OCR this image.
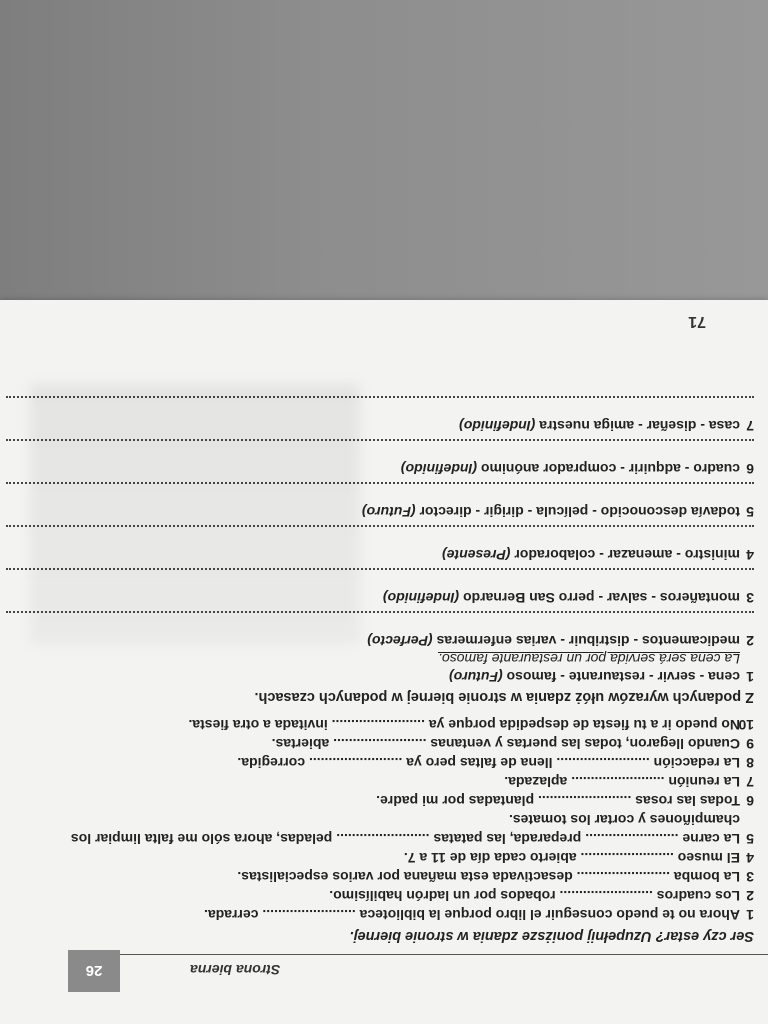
Strona bierna
26
Ser czy estar? Uzupełnij poniższe zdania w stronie biernej.
1
Ahora no te puedo conseguir el libro porque la biblioteca ........................ cerrada.
2
Los cuadros ........................ robados por un ladrón habilísimo.
3
La bomba ........................ desactivada esta mañana por varios especialistas.
4
El museo ........................ abierto cada día de 11 a 7.
5
La carne ........................ preparada, las patatas ........................ peladas, ahora sólo me falta limpiar los champiñones y cortar los tomates.
6
Todas las rosas ........................ plantadas por mi padre.
7
La reunión ........................ aplazada.
8
La redacción ........................ llena de faltas pero ya ........................ corregida.
9
Cuando llegaron, todas las puertas y ventanas ........................ abiertas.
10
No puedo ir a tu fiesta de despedida porque ya ........................ invitada a otra fiesta.
Z podanych wyrazów ułóż zdania w stronie biernej w podanych czasach.
1
cena - servir - restaurante - famoso (Futuro)
La cena será servida por un restaurante famoso.
2
medicamentos - distribuir - varias enfermeras (Perfecto)
3
montañeros - salvar - perro San Bernardo (Indefinido)
4
ministro - amenazar - colaborador (Presente)
5
todavía desconocido - película - dirigir - director (Futuro)
6
cuadro - adquirir - comprador anónimo (Indefinido)
7
casa - diseñar - amiga nuestra (Indefinido)
71
